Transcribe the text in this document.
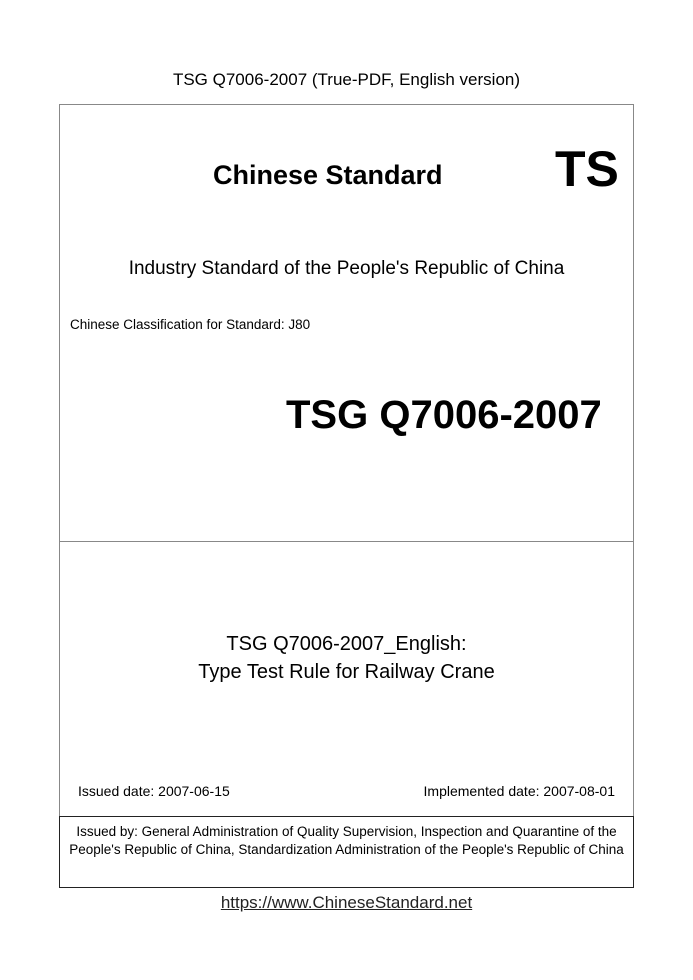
TSG Q7006-2007 (True-PDF, English version)
Chinese Standard TS
Industry Standard of the People's Republic of China
Chinese Classification for Standard: J80
TSG Q7006-2007
TSG Q7006-2007_English:
Type Test Rule for Railway Crane
Issued date: 2007-06-15	Implemented date: 2007-08-01
Issued by: General Administration of Quality Supervision, Inspection and Quarantine of the People's Republic of China, Standardization Administration of the People's Republic of China
https://www.ChineseStandard.net
